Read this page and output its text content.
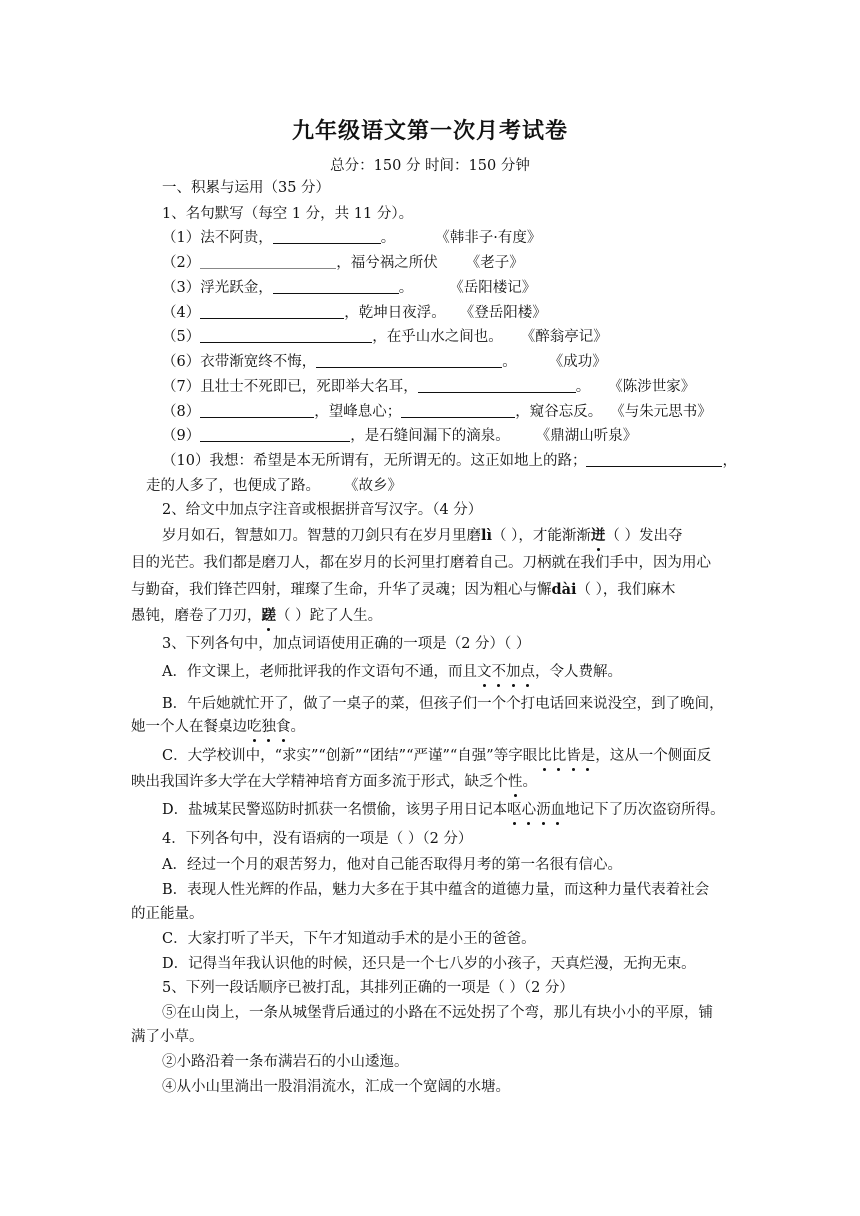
九年级语文第一次月考试卷
总分：150 分 时间：150 分钟
一、积累与运用（35 分）
1、名句默写（每空 1 分，共 11 分）。
（1）法不阿贵，	。	《韩非子·有度》
（2）	，福兮祸之所伏 《老子》
（3）浮光跃金，	。 《岳阳楼记》
（4）	，乾坤日夜浮。 《登岳阳楼》
（5）	，在乎山水之间也。 《醉翁亭记》
（6）衣带渐宽终不悔，	。 《成功》
（7）且壮士不死即已，死即举大名耳，	。 《陈涉世家》
（8）	，望峰息心；	，窥谷忘反。 《与朱元思书》
（9）	，是石缝间漏下的滴泉。 《鼎湖山听泉》
（10）我想：希望是本无所谓有，无所谓无的。这正如地上的路；	，
走的人多了，也便成了路。 《故乡》
2、给文中加点字注音或根据拼音写汉字。（4 分）
岁月如石，智慧如刀。智慧的刀剑只有在岁月里磨lì（ ），才能渐渐迸（ ）发出夺
目的光芒。我们都是磨刀人，都在岁月的长河里打磨着自己。刀柄就在我们手中，因为用心
与勤奋，我们锋芒四射，璀璨了生命，升华了灵魂；因为粗心与懈dài（ ），我们麻木
愚钝，磨卷了刀刃，蹉（ ）跎了人生。
3、下列各句中，加点词语使用正确的一项是（2 分）（ ）
A．作文课上，老师批评我的作文语句不通，而且文不加点，令人费解。
B．午后她就忙开了，做了一桌子的菜，但孩子们一个个打电话回来说没空，到了晚间，
她一个人在餐桌边吃独食。
C．大学校训中，“求实”“创新”“团结”“严谨”“自强”等字眼比比皆是，这从一个侧面反
映出我国许多大学在大学精神培育方面多流于形式，缺乏个性。
D．盐城某民警巡防时抓获一名惯偷，该男子用日记本呕心沥血地记下了历次盗窃所得。
4．下列各句中，没有语病的一项是（ ）（2 分）
A．经过一个月的艰苦努力，他对自己能否取得月考的第一名很有信心。
B．表现人性光辉的作品，魅力大多在于其中蕴含的道德力量，而这种力量代表着社会
的正能量。
C．大家打听了半天，下午才知道动手术的是小王的爸爸。
D．记得当年我认识他的时候，还只是一个七八岁的小孩子，天真烂漫，无拘无束。
5、下列一段话顺序已被打乱，其排列正确的一项是（ ）（2 分）
⑤在山岗上，一条从城堡背后通过的小路在不远处拐了个弯，那儿有块小小的平原，铺
满了小草。
②小路沿着一条布满岩石的小山逶迤。
④从小山里淌出一股涓涓流水，汇成一个宽阔的水塘。
